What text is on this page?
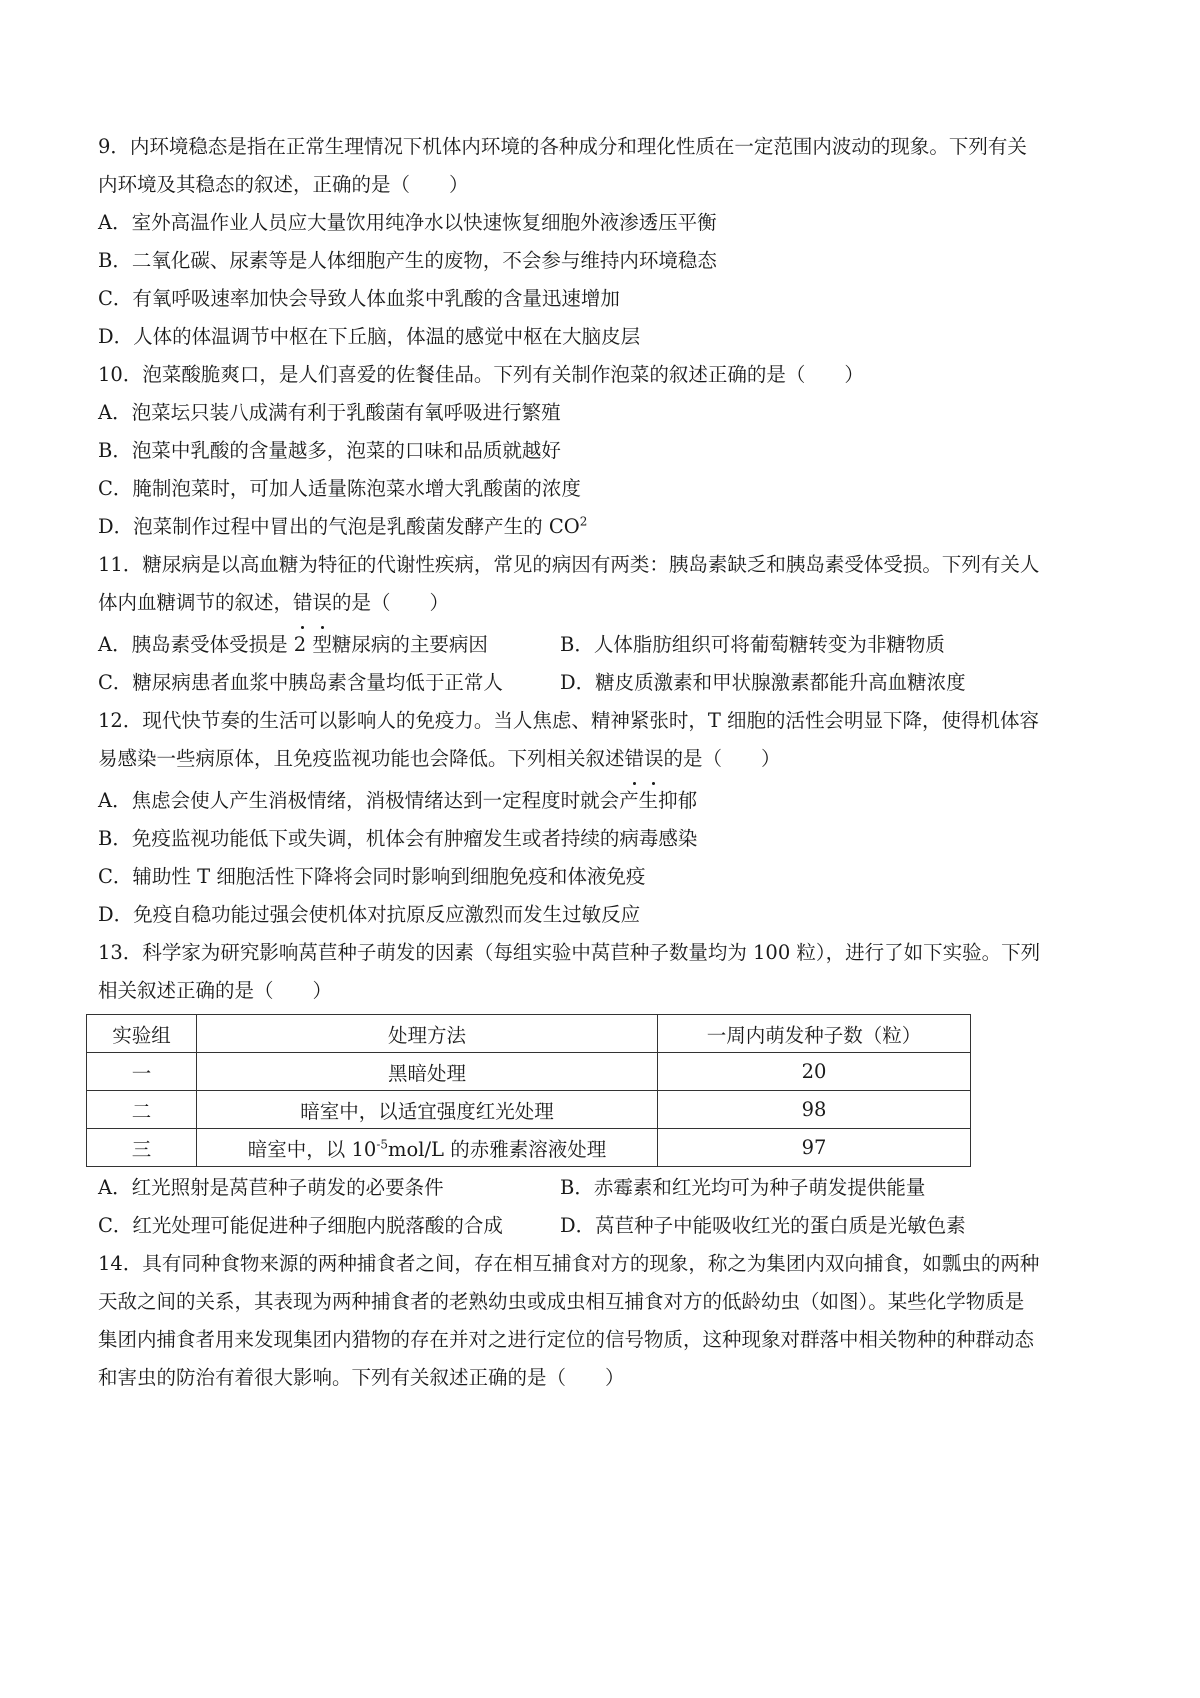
9．内环境稳态是指在正常生理情况下机体内环境的各种成分和理化性质在一定范围内波动的现象。下列有关
内环境及其稳态的叙述，正确的是（　　）
A．室外高温作业人员应大量饮用纯净水以快速恢复细胞外液渗透压平衡
B．二氧化碳、尿素等是人体细胞产生的废物，不会参与维持内环境稳态
C．有氧呼吸速率加快会导致人体血浆中乳酸的含量迅速增加
D．人体的体温调节中枢在下丘脑，体温的感觉中枢在大脑皮层
10．泡菜酸脆爽口，是人们喜爱的佐餐佳品。下列有关制作泡菜的叙述正确的是（　　）
A．泡菜坛只装八成满有利于乳酸菌有氧呼吸进行繁殖
B．泡菜中乳酸的含量越多，泡菜的口味和品质就越好
C．腌制泡菜时，可加人适量陈泡菜水增大乳酸菌的浓度
D．泡菜制作过程中冒出的气泡是乳酸菌发酵产生的 $CO^2$
11．糖尿病是以高血糖为特征的代谢性疾病，常见的病因有两类：胰岛素缺乏和胰岛素受体受损。下列有关人
体内血糖调节的叙述，错误的是（　　）
A．胰岛素受体受损是 2 型糖尿病的主要病因	B．人体脂肪组织可将葡萄糖转变为非糖物质
C．糖尿病患者血浆中胰岛素含量均低于正常人	D．糖皮质激素和甲状腺激素都能升高血糖浓度
12．现代快节奏的生活可以影响人的免疫力。当人焦虑、精神紧张时，T 细胞的活性会明显下降，使得机体容
易感染一些病原体，且免疫监视功能也会降低。下列相关叙述错误的是（　　）
A．焦虑会使人产生消极情绪，消极情绪达到一定程度时就会产生抑郁
B．免疫监视功能低下或失调，机体会有肿瘤发生或者持续的病毒感染
C．辅助性 T 细胞活性下降将会同时影响到细胞免疫和体液免疫
D．免疫自稳功能过强会使机体对抗原反应激烈而发生过敏反应
13．科学家为研究影响莴苣种子萌发的因素（每组实验中莴苣种子数量均为 100 粒），进行了如下实验。下列
相关叙述正确的是（　　）
实验组	处理方法	一周内萌发种子数（粒）
一	黑暗处理	20
二	暗室中，以适宜强度红光处理	98
三	暗室中，以 $10^{-5}mol/L$ 的赤雅素溶液处理	97
A．红光照射是莴苣种子萌发的必要条件	B．赤霉素和红光均可为种子萌发提供能量
C．红光处理可能促进种子细胞内脱落酸的合成	D．莴苣种子中能吸收红光的蛋白质是光敏色素
14．具有同种食物来源的两种捕食者之间，存在相互捕食对方的现象，称之为集团内双向捕食，如瓢虫的两种
天敌之间的关系，其表现为两种捕食者的老熟幼虫或成虫相互捕食对方的低龄幼虫（如图）。某些化学物质是
集团内捕食者用来发现集团内猎物的存在并对之进行定位的信号物质，这种现象对群落中相关物种的种群动态
和害虫的防治有着很大影响。下列有关叙述正确的是（　　）
